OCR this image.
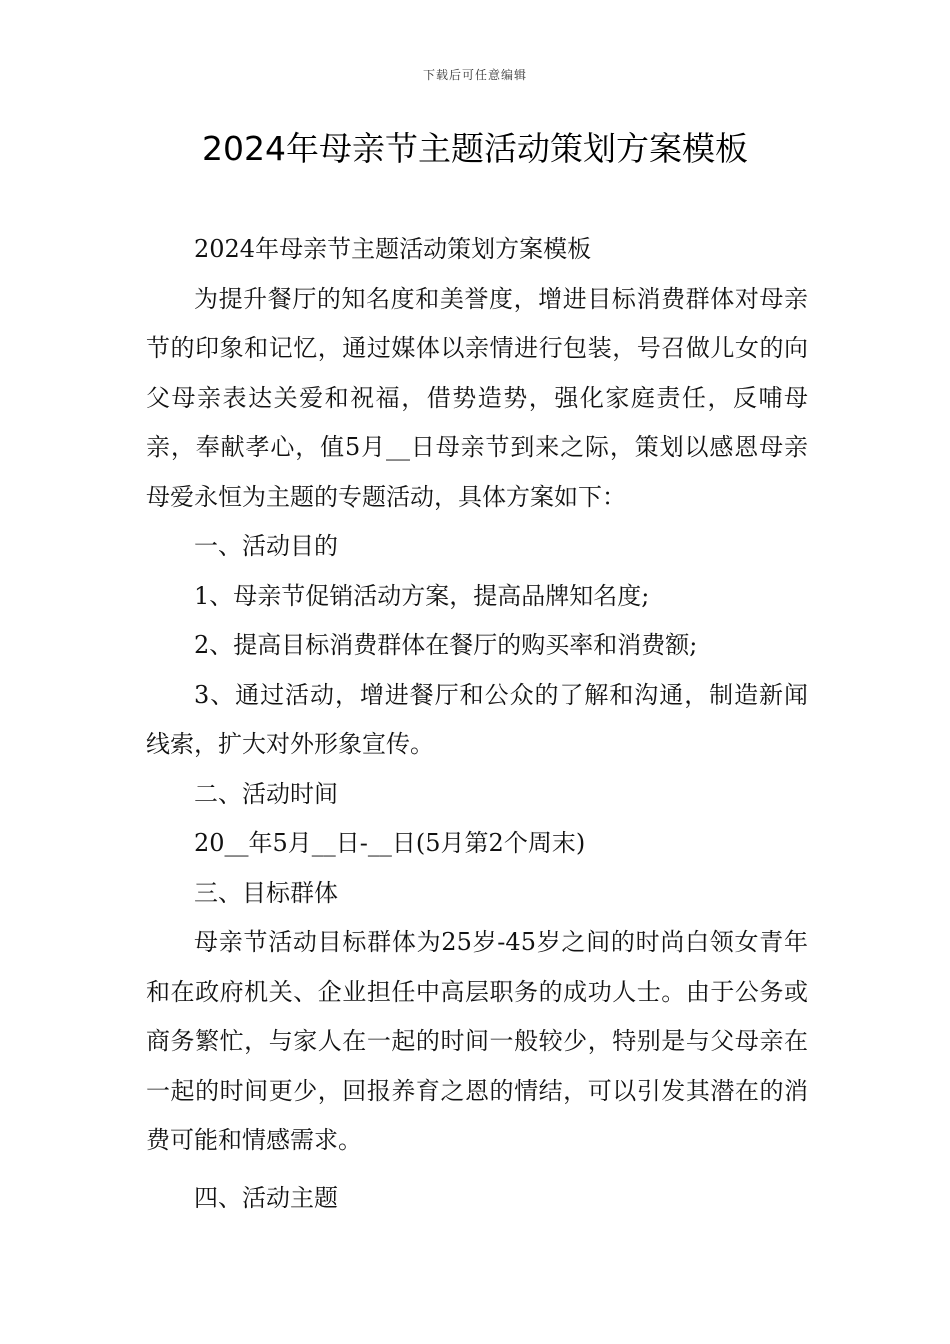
下载后可任意编辑
2024年母亲节主题活动策划方案模板

2024年母亲节主题活动策划方案模板

为提升餐厅的知名度和美誉度，增进目标消费群体对母亲节的印象和记忆，通过媒体以亲情进行包装，号召做儿女的向父母亲表达关爱和祝福，借势造势，强化家庭责任，反哺母亲，奉献孝心，值5月__日母亲节到来之际，策划以感恩母亲母爱永恒为主题的专题活动，具体方案如下：

一、活动目的

1、母亲节促销活动方案，提高品牌知名度;

2、提高目标消费群体在餐厅的购买率和消费额;

3、通过活动，增进餐厅和公众的了解和沟通，制造新闻线索，扩大对外形象宣传。

二、活动时间

20__年5月__日-__日(5月第2个周末)

三、目标群体

母亲节活动目标群体为25岁-45岁之间的时尚白领女青年和在政府机关、企业担任中高层职务的成功人士。由于公务或商务繁忙，与家人在一起的时间一般较少，特别是与父母亲在一起的时间更少，回报养育之恩的情结，可以引发其潜在的消费可能和情感需求。

四、活动主题
